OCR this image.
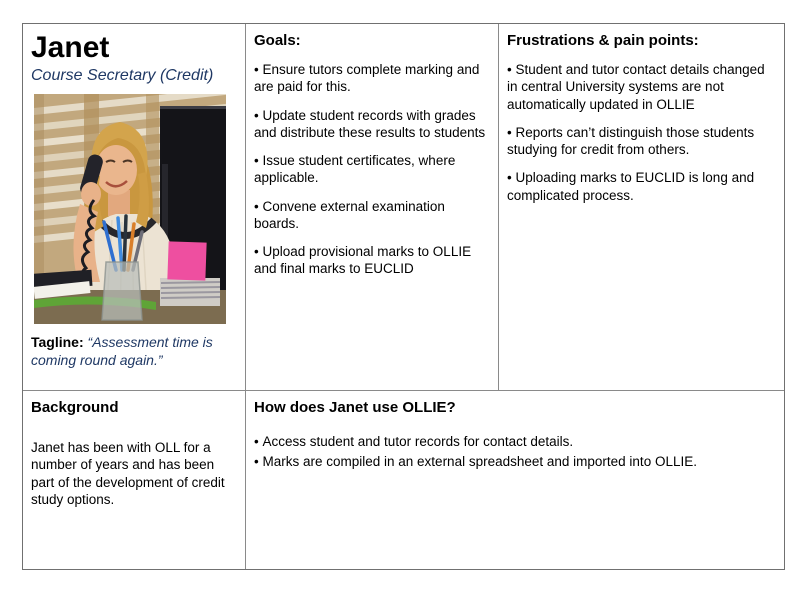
Janet
Course Secretary (Credit)

Tagline: “Assessment time is coming round again.”

Goals:

• Ensure tutors complete marking and are paid for this.

• Update student records with grades and distribute these results to students

• Issue student certificates, where applicable.

• Convene external examination boards.

• Upload provisional marks to OLLIE and final marks to EUCLID

Frustrations & pain points:

• Student and tutor contact details changed in central University systems are not automatically updated in OLLIE

• Reports can’t distinguish those students studying for credit from others.

• Uploading marks to EUCLID is long and complicated process.

Background

Janet has been with OLL for a number of years and has been part of the development of credit study options.

How does Janet use OLLIE?

• Access student and tutor records for contact details.

• Marks are compiled in an external spreadsheet and imported into OLLIE.
